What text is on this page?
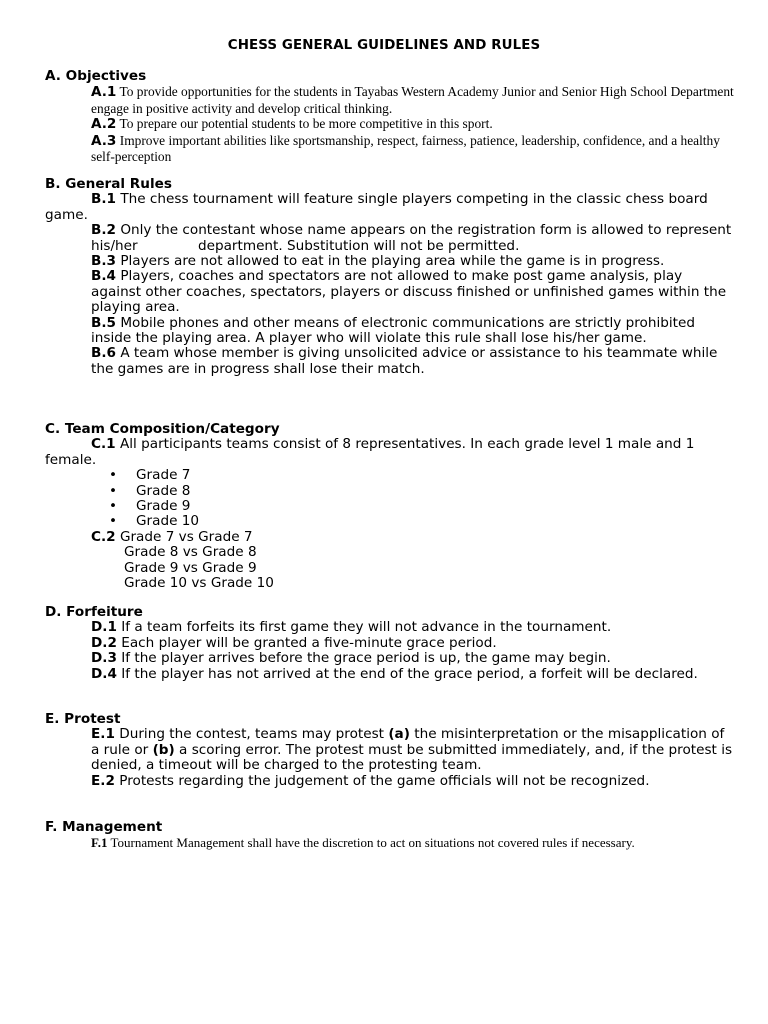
CHESS GENERAL GUIDELINES AND RULES
A. Objectives
A.1 To provide opportunities for the students in Tayabas Western Academy Junior and Senior High School Department engage in positive activity and develop critical thinking.
A.2 To prepare our potential students to be more competitive in this sport.
A.3 Improve important abilities like sportsmanship, respect, fairness, patience, leadership, confidence, and a healthy self-perception
B. General Rules
B.1 The chess tournament will feature single players competing in the classic chess board game.
B.2 Only the contestant whose name appears on the registration form is allowed to represent his/her	department. Substitution will not be permitted.
B.3 Players are not allowed to eat in the playing area while the game is in progress.
B.4 Players, coaches and spectators are not allowed to make post game analysis, play against other coaches, spectators, players or discuss finished or unfinished games within the playing area.
B.5 Mobile phones and other means of electronic communications are strictly prohibited   inside the playing area. A player who will violate this rule shall lose his/her game.
B.6 A team whose member is giving unsolicited advice or assistance to his teammate while the games are in progress shall lose their match.
C. Team Composition/Category
C.1 All participants teams consist of 8 representatives. In each grade level 1 male and 1 female.
• Grade 7
• Grade 8
• Grade 9
• Grade 10
C.2 Grade 7 vs Grade 7
Grade 8 vs Grade 8
Grade 9 vs Grade 9
Grade 10 vs Grade 10
D. Forfeiture
D.1 If a team forfeits its first game they will not advance in the tournament.
D.2 Each player will be granted a five-minute grace period.
D.3 If the player arrives before the grace period is up, the game may begin.
D.4 If the player has not arrived at the end of the grace period, a forfeit will be declared.
E. Protest
E.1 During the contest, teams may protest (a) the misinterpretation or the misapplication of a rule or (b) a scoring error. The protest must be submitted immediately, and, if the protest is denied, a timeout will be charged to the protesting team.
E.2 Protests regarding the judgement of the game officials will not be recognized.
F. Management
F.1 Tournament Management shall have the discretion to act on situations not covered rules if necessary.
